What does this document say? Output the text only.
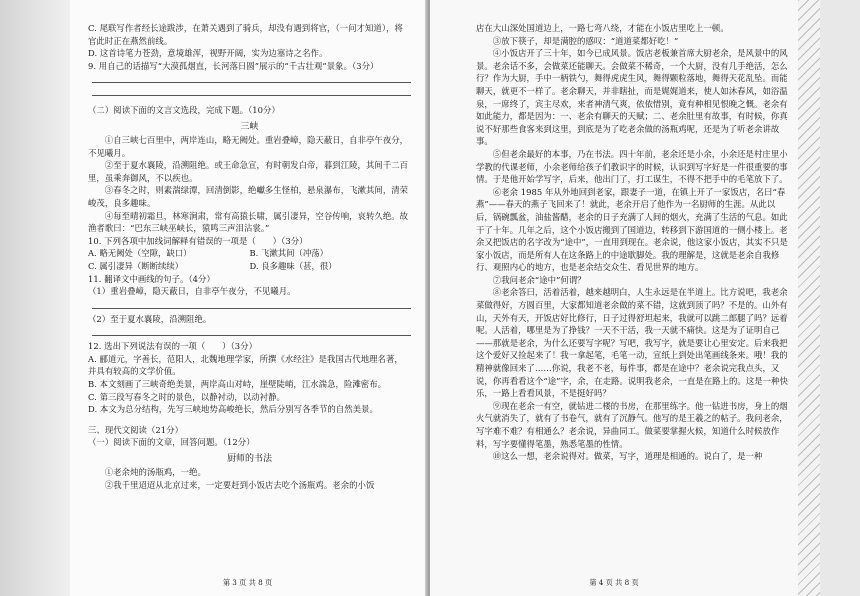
C. 尾联写作者经长途跋涉，在萧关遇到了骑兵，却没有遇到将官，（一问才知道），将官此时正在燕然前线。

D. 这首诗笔力苍劲，意境雄浑，视野开阔，实为边塞诗之名作。

9. 用自己的话描写“大漠孤烟直，长河落日圆”展示的“千古壮观”景象。（3分）

（二）阅读下面的文言文选段，完成下题。（10分）

三峡

①自三峡七百里中，两岸连山，略无阙处。重岩叠嶂，隐天蔽日，自非亭午夜分，不见曦月。

②至于夏水襄陵，沿溯阻绝。或王命急宣，有时朝发白帝，暮到江陵，其间千二百里，虽乘奔御风，不以疾也。

③春冬之时，则素湍绿潭，回清倒影，绝巘多生怪柏，悬泉瀑布，飞漱其间，清荣峻茂，良多趣味。

④每至晴初霜旦，林寒涧肃，常有高猿长啸，属引凄异，空谷传响，哀转久绝。故渔者歌曰：“巴东三峡巫峡长，猿鸣三声泪沾裳。”

10. 下列各项中加线词解释有错误的一项是（　　）（3分）

A. 略无阙处（空隙，缺口）	B. 飞漱其间（冲荡）
C. 属引凄异（断断续续）	D. 良多趣味（甚，很）

11. 翻译文中画线的句子。（4分）

（1）重岩叠嶂，隐天蔽日，自非亭午夜分，不见曦月。

（2）至于夏水襄陵，沿溯阻绝。

12. 选出下列说法有误的一项（　　）（3分）

A. 郦道元，字善长，范阳人，北魏地理学家，所撰《水经注》是我国古代地理名著，并具有较高的文学价值。

B. 本文刻画了三峡奇绝美景，两岸高山对峙，崖壁陡峭，江水湍急，险滩密布。

C. 第三段写春冬之时的景色，以静衬动，以动衬静。

D. 本文为总分结构，先写三峡地势高峻绝长，然后分别写各季节的自然美景。

三、现代文阅读（21分）

（一）阅读下面的文章，回答问题。（12分）

厨师的书法

①老余炖的汤瓶鸡，一绝。

②我千里迢迢从北京过来，一定要赶到小饭店去吃个汤瓶鸡。老余的小饭

第 3 页 共 8 页

店在大山深处国道边上，一路七弯八绕，才能在小饭店里吃上一顿。

③放下筷子，却是满腔的感叹：“道道菜都好吃！”

④小饭店开了三十年，如今已成风景。饭店老板兼首席大厨老余，是风景中的风景。老余话不多，会做菜还能聊天。会做菜不稀奇，一个大厨，没有几手绝活，怎么行？作为大厨，手中一柄铁勺，舞得虎虎生风，舞得颗粒落地，舞得天花乱坠。而能聊天，就更不一样了。老余聊天，并非瞎扯，而是娓娓道来，使人如沐春风，如浴温泉，一席终了，宾主尽欢，来者神清气爽，依依惜别，竟有种相见恨晚之慨。老余有如此能力，都是因为：一、老余有聊天的天赋；二、老余肚里有故事，有时候，你真说不好那些食客来到这里，到底是为了吃老余做的汤瓶鸡呢，还是为了听老余讲故事。

⑤但老余最好的本事，乃在书法。四十年前，老余还是小余，小余还是村庄里小学教的代课老师，小余老师给孩子们教识字的时候，认识到写字好是一件很重要的事情。于是他开始学写字，后来，他出门了，打工谋生，不得不把手中的毛笔放下了。

⑥老余 1985 年从外地回到老家，跟妻子一道，在镇上开了一家饭店，名曰“春燕”——春天的燕子飞回来了！就此，老余开启了他作为一名厨师的生涯。从此以后，锅碗瓢盆，油盐酱醋，老余的日子充满了人间的烟火，充满了生活的气息。如此干了十年。几年之后，这个小饭店搬到了国道边，转移到下游国道的一侧小楼上。老余又把饭店的名字改为“途中”，一直用到现在。老余说，他这家小饭店，其实不只是家小饭店，而是所有人在这条路上的中途歇脚处。我的理解是，这就是老余自我修行、观照内心的地方，也是老余结交众生、看见世界的地方。

⑦我问老余“途中”何谓？

⑧老余答曰，活着活着，越来越明白，人生永远是在半道上。比方说吧，我老余菜做得好，方圆百里，大家都知道老余做的菜不错，这就到顶了吗？不是的。山外有山，天外有天，开饭店好比修行，日子过得舒坦起来，我就可以跳二郎腿了吗？远着呢。人活着，哪里是为了挣钱？一天不干活，我一天就不痛快。这是为了证明自己——那就是老余，为什么还要写字呢？写吧，我写字，就是要让心里安定。后来我把这个爱好又捡起来了！我一拿起笔，毛笔一动，宣纸上到处出笔画线条来。哦！我的精神就像回来了……你说，我老不老，每件事，都是在途中？老余说完我点头，又说，你再看看这个“途”字，余，在走路。说明我老余，一直是在路上的。这是一种快乐，一路上看看风景，不是挺好吗？

⑨现在老余一有空，就钻进二楼的书房，在那里练字。他一钻进书房，身上的烟火气就消失了，就有了书卷气，就有了沉静气。他写的是王羲之的帖子。我问老余，写字难不难？有相通么？老余说，异曲同工。做菜要掌握火候，知道什么时候放作料，写字要懂得笔墨，熟悉笔墨的性情。

⑩这么一想，老余说得对。做菜，写字，道理是相通的。说白了，是一种

第 4 页 共 8 页
